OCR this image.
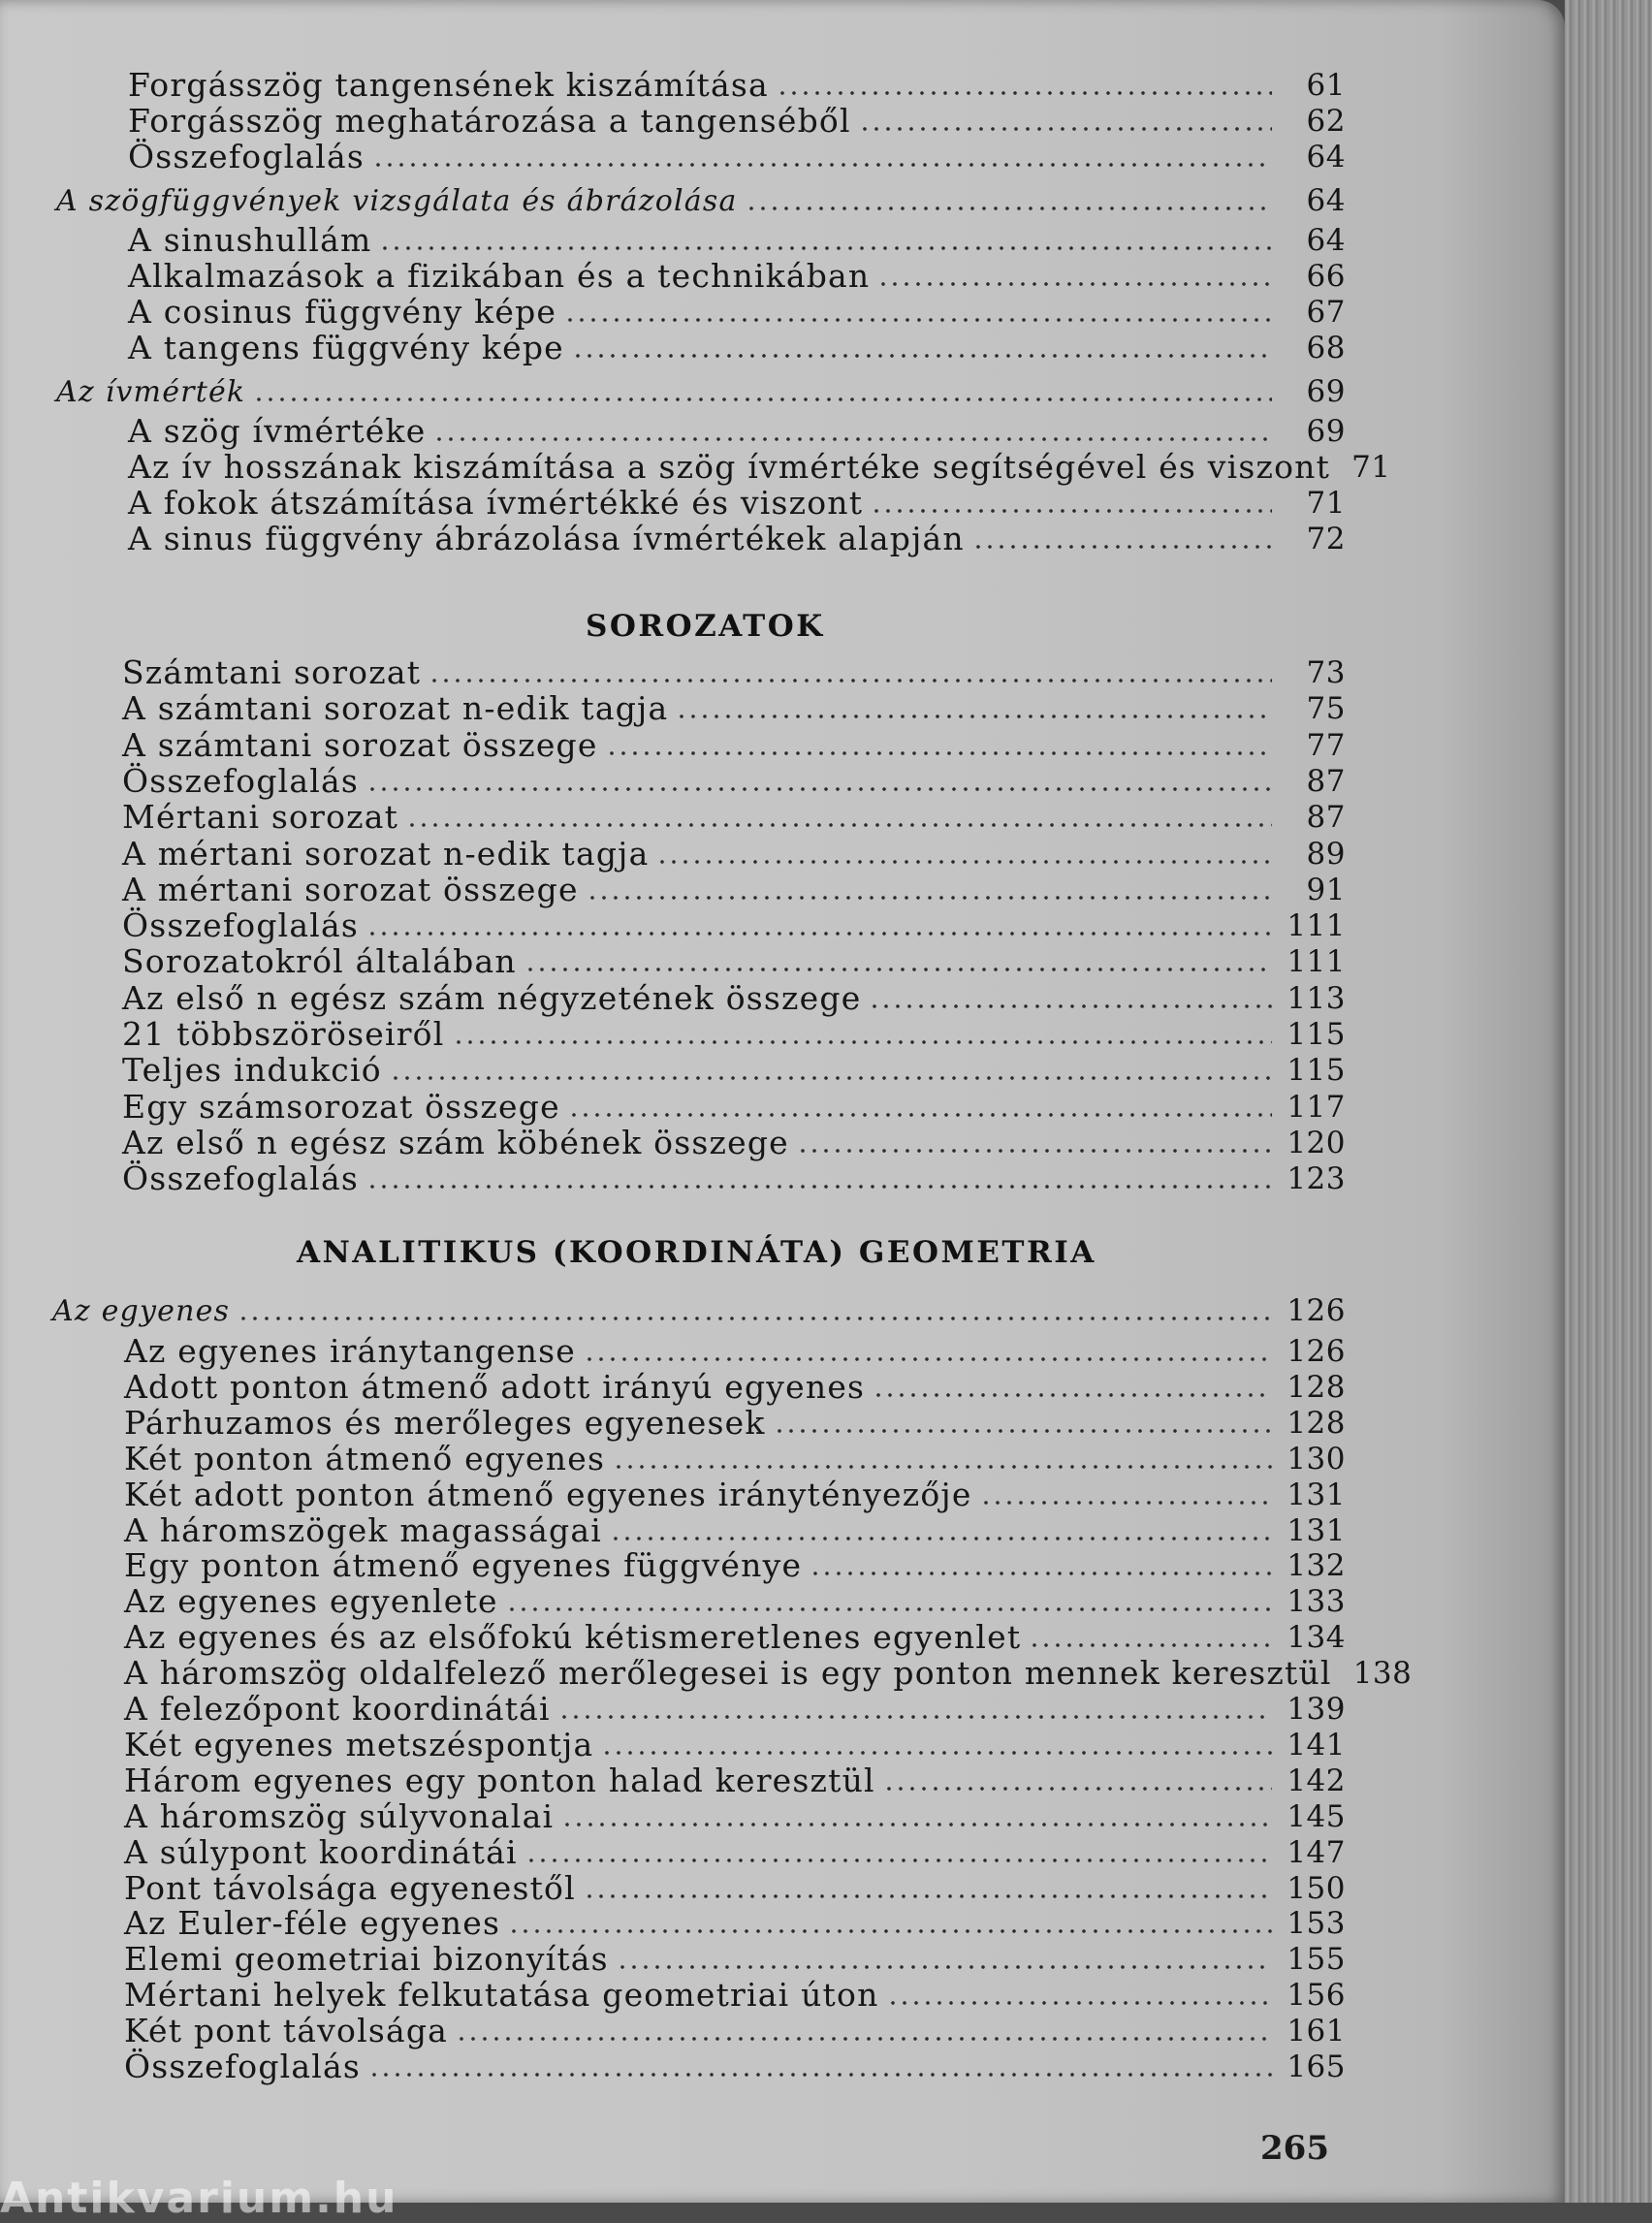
Forgásszög tangensének kiszámítása	61
Forgásszög meghatározása a tangenséből	62
Összefoglalás	64
A szögfüggvények vizsgálata és ábrázolása	64
A sinushullám	64
Alkalmazások a fizikában és a technikában	66
A cosinus függvény képe	67
A tangens függvény képe	68
Az ívmérték	69
A szög ívmértéke	69
Az ív hosszának kiszámítása a szög ívmértéke segítségével és viszont 71
A fokok átszámítása ívmértékké és viszont	71
A sinus függvény ábrázolása ívmértékek alapján	72
Számtani sorozat	73
A számtani sorozat n-edik tagja	75
A számtani sorozat összege	77
Összefoglalás	87
Mértani sorozat	87
A mértani sorozat n-edik tagja	89
A mértani sorozat összege	91
Összefoglalás	111
Sorozatokról általában	111
Az első n egész szám négyzetének összege	113
21 többszöröseiről	115
Teljes indukció	115
Egy számsorozat összege	117
Az első n egész szám köbének összege	120
Összefoglalás	123
Az egyenes	126
Az egyenes iránytangense	126
Adott ponton átmenő adott irányú egyenes	128
Párhuzamos és merőleges egyenesek	128
Két ponton átmenő egyenes	130
Két adott ponton átmenő egyenes iránytényezője	131
A háromszögek magasságai	131
Egy ponton átmenő egyenes függvénye	132
Az egyenes egyenlete	133
Az egyenes és az elsőfokú kétismeretlenes egyenlet	134
A háromszög oldalfelező merőlegesei is egy ponton mennek keresztül 138
A felezőpont koordinátái	139
Két egyenes metszéspontja	141
Három egyenes egy ponton halad keresztül	142
A háromszög súlyvonalai	145
A súlypont koordinátái	147
Pont távolsága egyenestől	150
Az Euler-féle egyenes	153
Elemi geometriai bizonyítás	155
Mértani helyek felkutatása geometriai úton	156
Két pont távolsága	161
Összefoglalás	165
SOROZATOK
ANALITIKUS (KOORDINÁTA) GEOMETRIA
265
Antikvarium.hu
